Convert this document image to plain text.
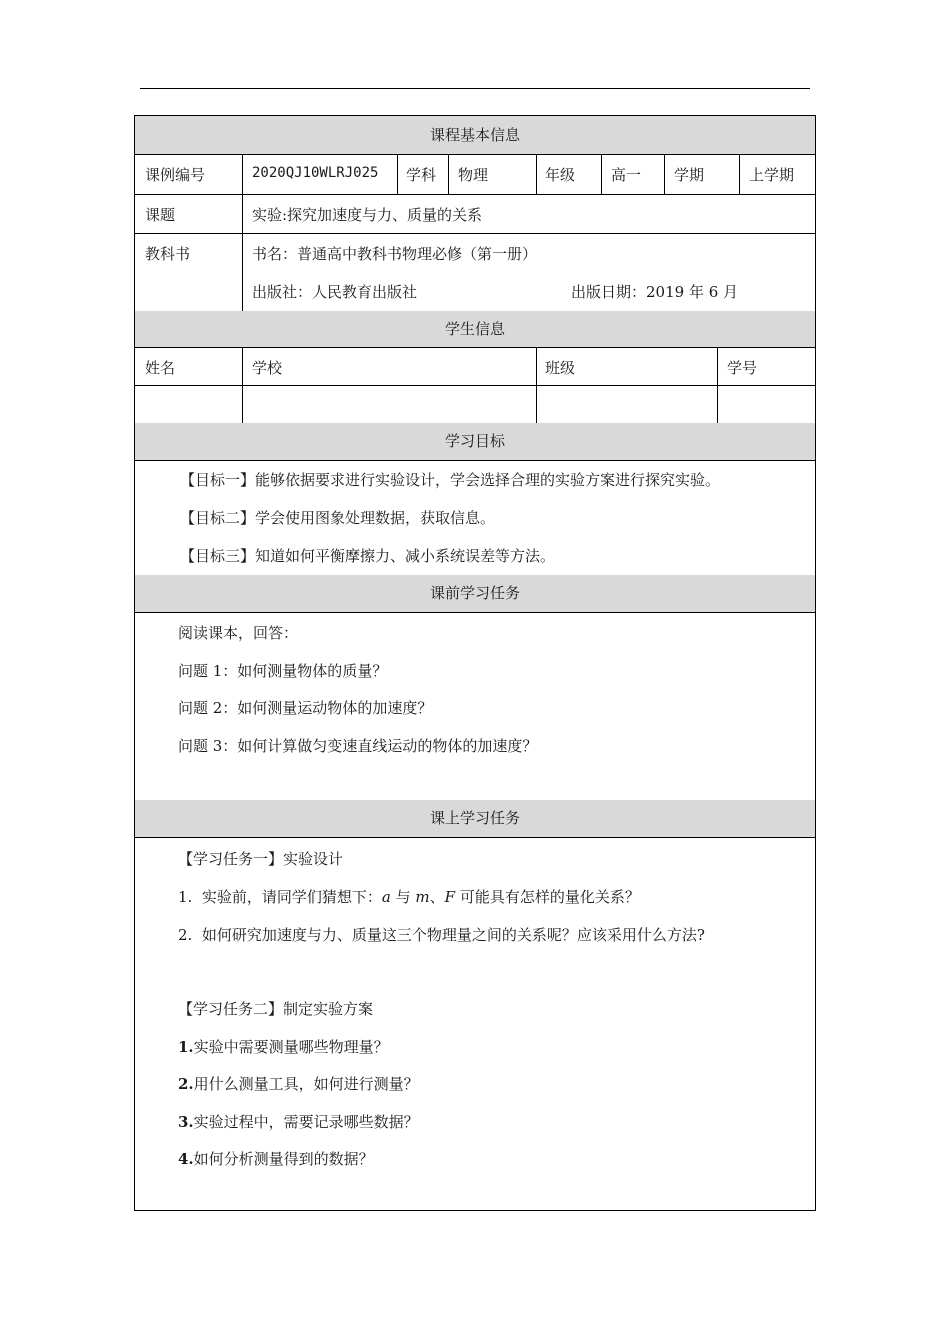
课程基本信息
课例编号	2020QJ10WLRJ025 学科 物理	年级 高一 学期	上学期
课题	实验:探究加速度与力、质量的关系
教科书	书名：普通高中教科书物理必修（第一册）
出版社：人民教育出版社	出版日期：2019 年 6 月
学生信息
姓名	学校	班级	学号
学习目标
【目标一】能够依据要求进行实验设计，学会选择合理的实验方案进行探究实验。
【目标二】学会使用图象处理数据，获取信息。
【目标三】知道如何平衡摩擦力、减小系统误差等方法。
课前学习任务
阅读课本，回答：
问题 1：如何测量物体的质量？
问题 2：如何测量运动物体的加速度？
问题 3：如何计算做匀变速直线运动的物体的加速度？
课上学习任务
【学习任务一】实验设计
1. 实验前，请同学们猜想下：a 与 m、F 可能具有怎样的量化关系？
2. 如何研究加速度与力、质量这三个物理量之间的关系呢？应该采用什么方法?
【学习任务二】制定实验方案
1.实验中需要测量哪些物理量？
2.用什么测量工具，如何进行测量？
3.实验过程中，需要记录哪些数据？
4.如何分析测量得到的数据？
